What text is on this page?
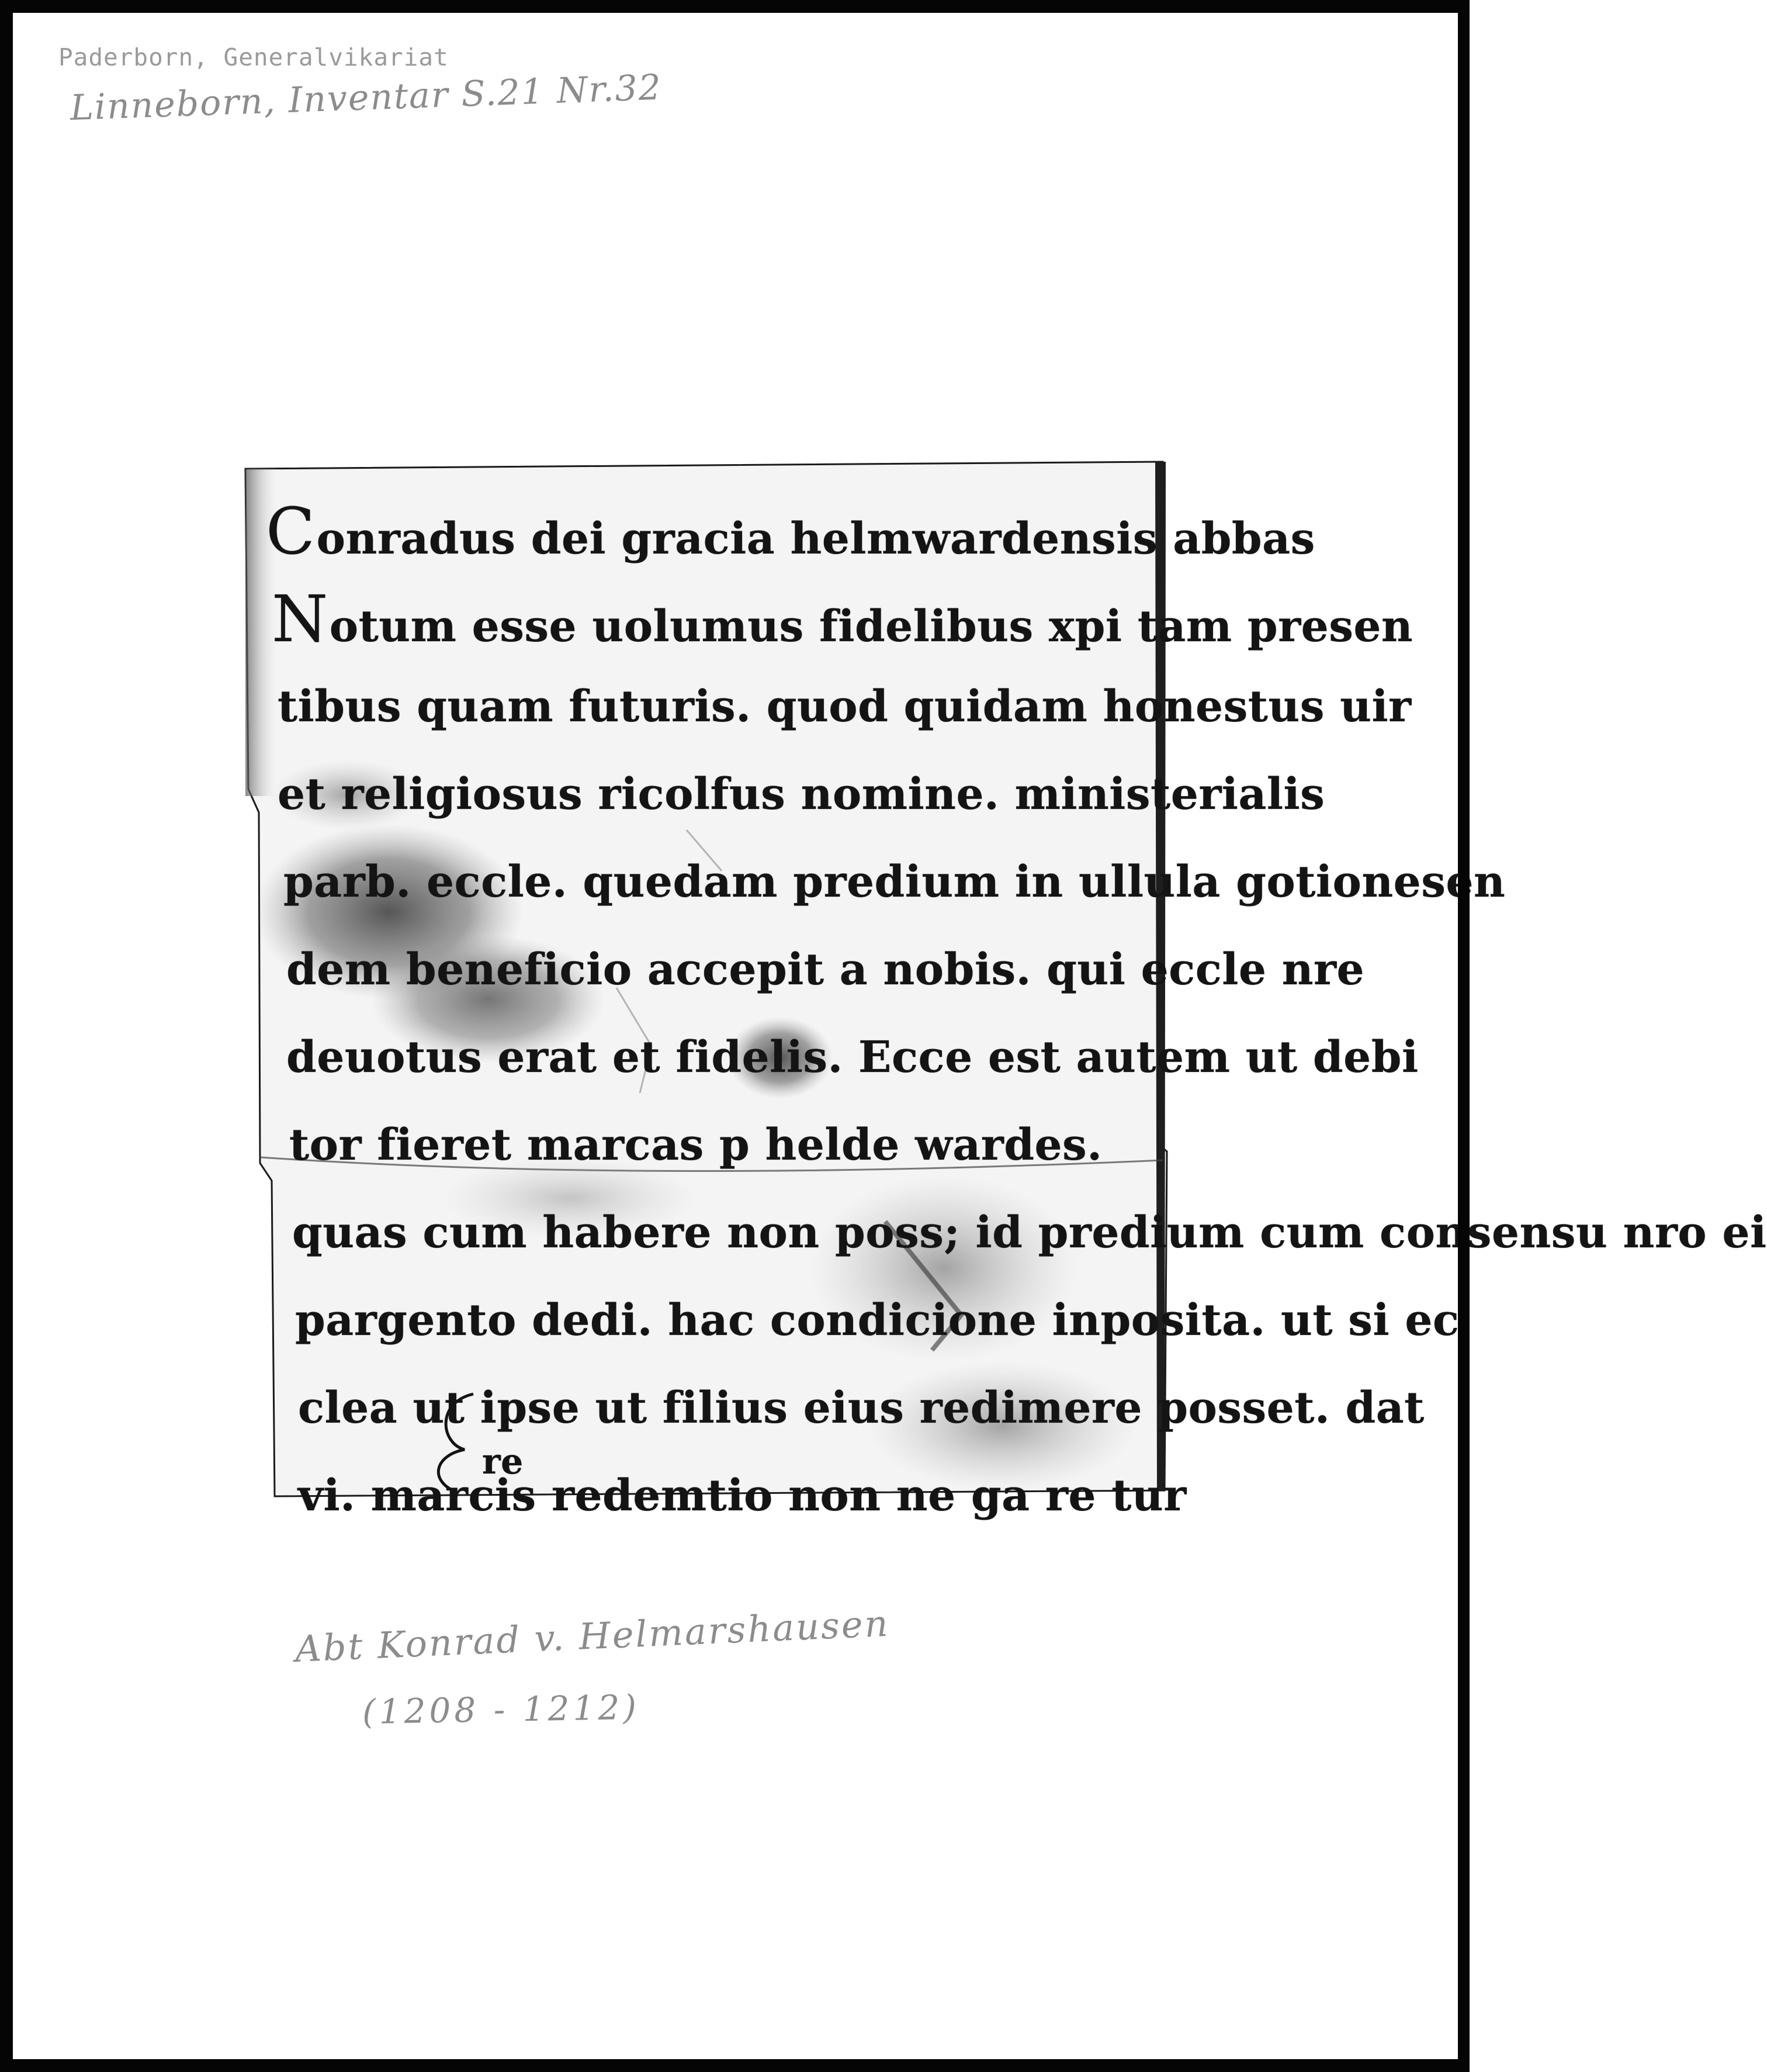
Paderborn, Generalvikariat
Linneborn, Inventar S.21 Nr.32
Conradus dei gracia helmwardensis abbas
Notum esse uolumus fidelibus xpi tam presen
tibus quam futuris. quod quidam honestus uir
et religiosus ricolfus nomine. ministerialis
parb. eccle. quedam predium in ullula gotionesen
dem beneficio accepit a nobis. qui eccle nre
deuotus erat et fidelis. Ecce est autem ut debi
tor fieret marcas p helde wardes.
quas cum habere non poss; id predium cum consensu nro ei
pargento dedi. hac condicione inposita. ut si ec
clea ut ipse ut filius eius redimere posset. dat
re
vi. marcis redemtio non ne ga re tur
Abt Konrad v. Helmarshausen
(1208 - 1212)
